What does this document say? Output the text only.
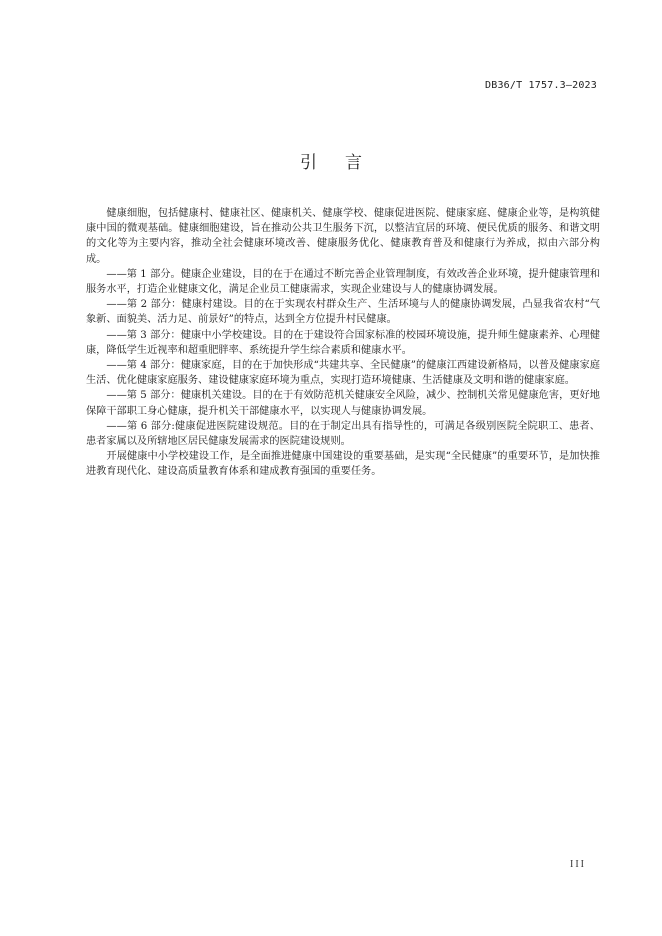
DB36/T 1757.3—2023
引言

健康细胞，包括健康村、健康社区、健康机关、健康学校、健康促进医院、健康家庭、健康企业等，是构筑健康中国的微观基础。健康细胞建设，旨在推动公共卫生服务下沉，以整洁宜居的环境、便民优质的服务、和谐文明的文化等为主要内容，推动全社会健康环境改善、健康服务优化、健康教育普及和健康行为养成，拟由六部分构成。

——第 1 部分。健康企业建设，目的在于在通过不断完善企业管理制度，有效改善企业环境，提升健康管理和服务水平，打造企业健康文化，满足企业员工健康需求，实现企业建设与人的健康协调发展。

——第 2 部分：健康村建设。目的在于实现农村群众生产、生活环境与人的健康协调发展，凸显我省农村“气象新、面貌美、活力足、前景好”的特点，达到全方位提升村民健康。

——第 3 部分：健康中小学校建设。目的在于建设符合国家标准的校园环境设施，提升师生健康素养、心理健康，降低学生近视率和超重肥胖率、系统提升学生综合素质和健康水平。

——第 4 部分：健康家庭，目的在于加快形成“共建共享、全民健康”的健康江西建设新格局，以普及健康家庭生活、优化健康家庭服务、建设健康家庭环境为重点，实现打造环境健康、生活健康及文明和谐的健康家庭。

——第 5 部分：健康机关建设。目的在于有效防范机关健康安全风险，减少、控制机关常见健康危害，更好地保障干部职工身心健康，提升机关干部健康水平，以实现人与健康协调发展。

——第 6 部分:健康促进医院建设规范。目的在于制定出具有指导性的，可满足各级别医院全院职工、患者、患者家属以及所辖地区居民健康发展需求的医院建设规则。

开展健康中小学校建设工作，是全面推进健康中国建设的重要基础，是实现“全民健康”的重要环节，是加快推进教育现代化、建设高质量教育体系和建成教育强国的重要任务。

III
